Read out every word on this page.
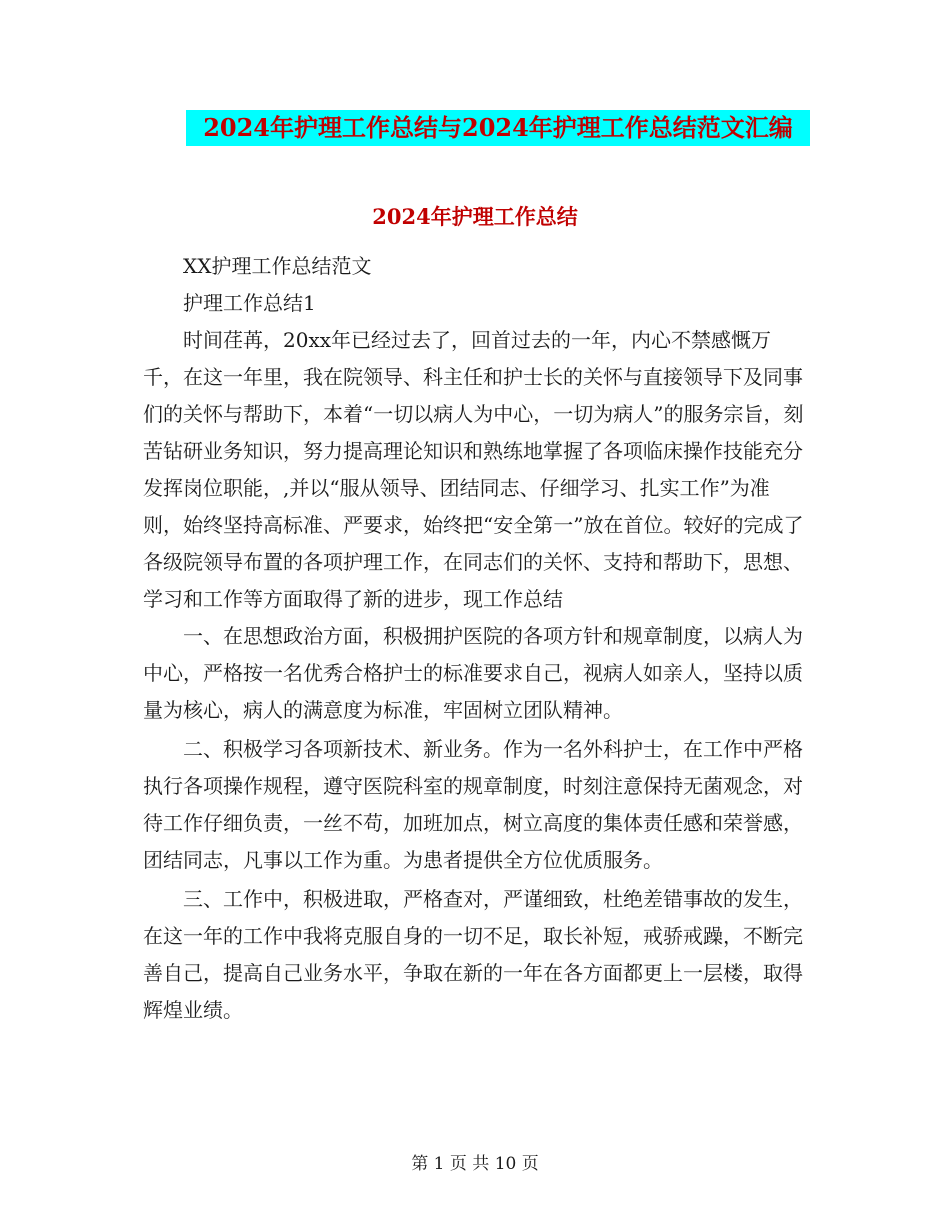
2024年护理工作总结与2024年护理工作总结范文汇编
2024年护理工作总结

XX护理工作总结范文

护理工作总结1

时间荏苒，20xx年已经过去了，回首过去的一年，内心不禁感慨万千，在这一年里，我在院领导、科主任和护士长的关怀与直接领导下及同事们的关怀与帮助下，本着“一切以病人为中心，一切为病人”的服务宗旨，刻苦钻研业务知识，努力提高理论知识和熟练地掌握了各项临床操作技能充分发挥岗位职能，,并以“服从领导、团结同志、仔细学习、扎实工作”为准则，始终坚持高标准、严要求，始终把“安全第一”放在首位。较好的完成了各级院领导布置的各项护理工作，在同志们的关怀、支持和帮助下，思想、学习和工作等方面取得了新的进步，现工作总结

一、在思想政治方面，积极拥护医院的各项方针和规章制度，以病人为中心，严格按一名优秀合格护士的标准要求自己，视病人如亲人，坚持以质量为核心，病人的满意度为标准，牢固树立团队精神。

二、积极学习各项新技术、新业务。作为一名外科护士，在工作中严格执行各项操作规程，遵守医院科室的规章制度，时刻注意保持无菌观念，对待工作仔细负责，一丝不苟，加班加点，树立高度的集体责任感和荣誉感，团结同志，凡事以工作为重。为患者提供全方位优质服务。

三、工作中，积极进取，严格查对，严谨细致，杜绝差错事故的发生，在这一年的工作中我将克服自身的一切不足，取长补短，戒骄戒躁，不断完善自己，提高自己业务水平，争取在新的一年在各方面都更上一层楼，取得辉煌业绩。

第 1 页 共 10 页
